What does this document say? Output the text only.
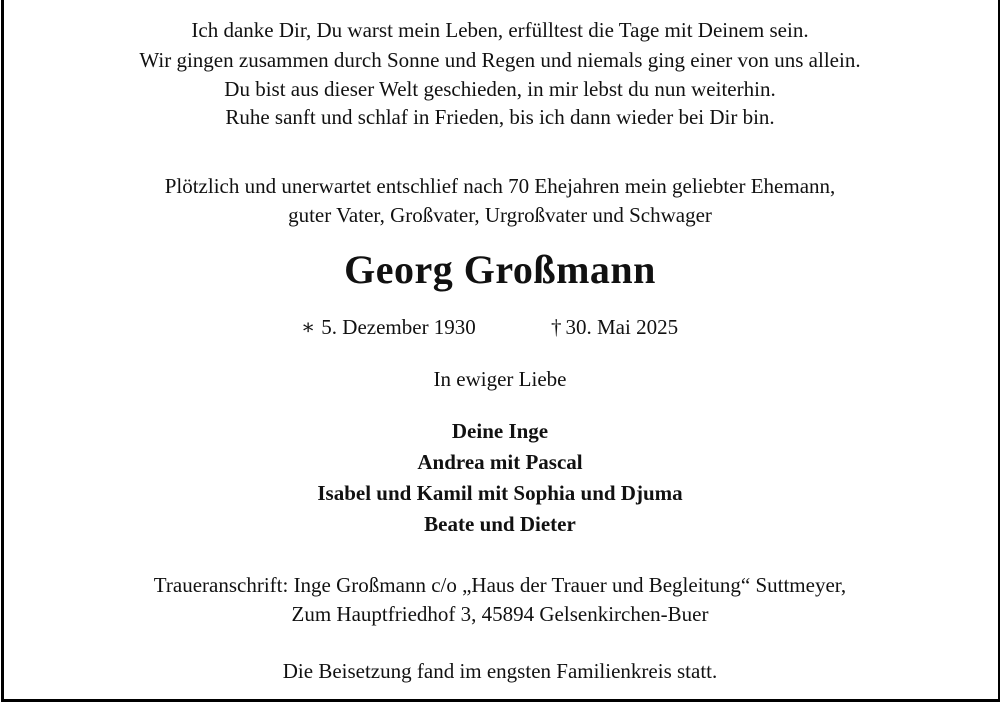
Ich danke Dir, Du warst mein Leben, erfülltest die Tage mit Deinem sein.
Wir gingen zusammen durch Sonne und Regen und niemals ging einer von uns allein.
Du bist aus dieser Welt geschieden, in mir lebst du nun weiterhin.
Ruhe sanft und schlaf in Frieden, bis ich dann wieder bei Dir bin.
Plötzlich und unerwartet entschlief nach 70 Ehejahren mein geliebter Ehemann,
guter Vater, Großvater, Urgroßvater und Schwager
Georg Großmann
∗ 5. Dezember 1930	† 30. Mai 2025
In ewiger Liebe
Deine Inge
Andrea mit Pascal
Isabel und Kamil mit Sophia und Djuma
Beate und Dieter
Traueranschrift: Inge Großmann c/o „Haus der Trauer und Begleitung“ Suttmeyer,
Zum Hauptfriedhof 3, 45894 Gelsenkirchen-Buer
Die Beisetzung fand im engsten Familienkreis statt.
